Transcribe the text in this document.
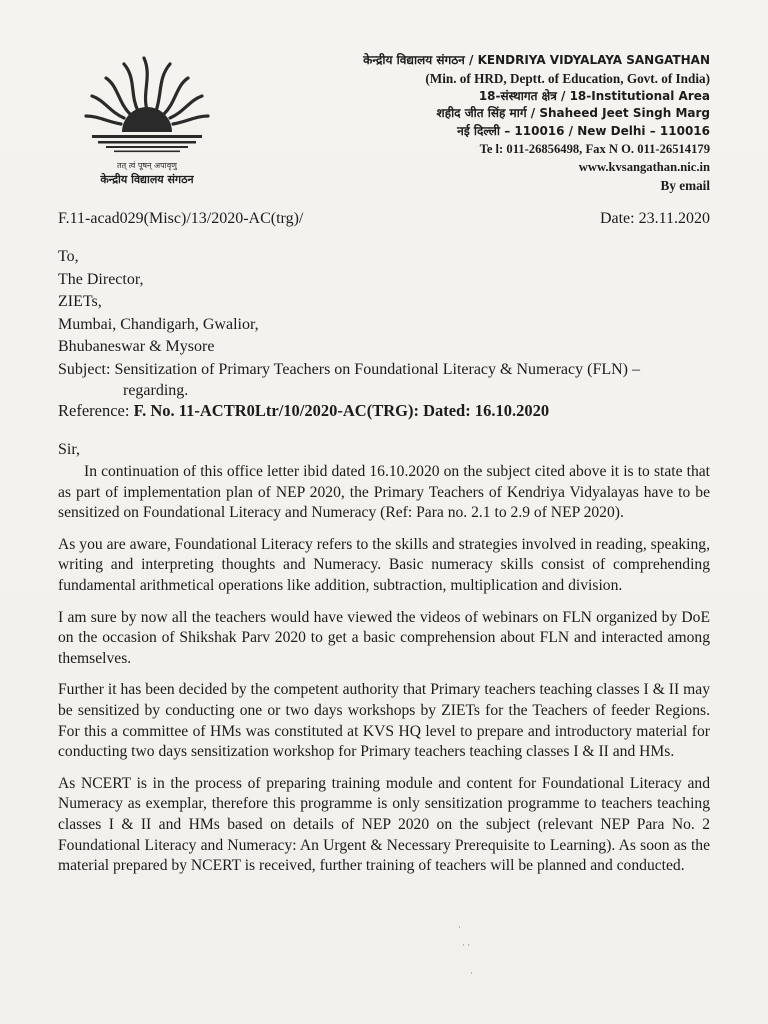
तत् त्वं पूषन् अपावृणु
केन्द्रीय विद्यालय संगठन
केन्द्रीय विद्यालय संगठन / KENDRIYA VIDYALAYA SANGATHAN
(Min. of HRD, Deptt. of Education, Govt. of India)
18-संस्थागत क्षेत्र / 18-Institutional Area
शहीद जीत सिंह मार्ग / Shaheed Jeet Singh Marg
नई दिल्ली – 110016 / New Delhi – 110016
Te l: 011-26856498, Fax N O. 011-26514179
www.kvsangathan.nic.in
By email
F.11-acad029(Misc)/13/2020-AC(trg)/	Date: 23.11.2020
To,
The Director,
ZIETs,
Mumbai, Chandigarh, Gwalior,
Bhubaneswar & Mysore
Subject: Sensitization of Primary Teachers on Foundational Literacy & Numeracy (FLN) –
regarding.
Reference: F. No. 11-ACTR0Ltr/10/2020-AC(TRG): Dated: 16.10.2020
Sir,

In continuation of this office letter ibid dated 16.10.2020 on the subject cited above it is to state that as part of implementation plan of NEP 2020, the Primary Teachers of Kendriya Vidyalayas have to be sensitized on Foundational Literacy and Numeracy (Ref: Para no. 2.1 to 2.9 of NEP 2020).

As you are aware, Foundational Literacy refers to the skills and strategies involved in reading, speaking, writing and interpreting thoughts and Numeracy. Basic numeracy skills consist of comprehending fundamental arithmetical operations like addition, subtraction, multiplication and division.

I am sure by now all the teachers would have viewed the videos of webinars on FLN organized by DoE on the occasion of Shikshak Parv 2020 to get a basic comprehension about FLN and interacted among themselves.

Further it has been decided by the competent authority that Primary teachers teaching classes I & II may be sensitized by conducting one or two days workshops by ZIETs for the Teachers of feeder Regions. For this a committee of HMs was constituted at KVS HQ level to prepare and introductory material for conducting two days sensitization workshop for Primary teachers teaching classes I & II and HMs.

As NCERT is in the process of preparing training module and content for Foundational Literacy and Numeracy as exemplar, therefore this programme is only sensitization programme to teachers teaching classes I & II and HMs based on details of NEP 2020 on the subject (relevant NEP Para No. 2 Foundational Literacy and Numeracy: An Urgent & Necessary Prerequisite to Learning). As soon as the material prepared by NCERT is received, further training of teachers will be planned and conducted.

·
· ·
·
